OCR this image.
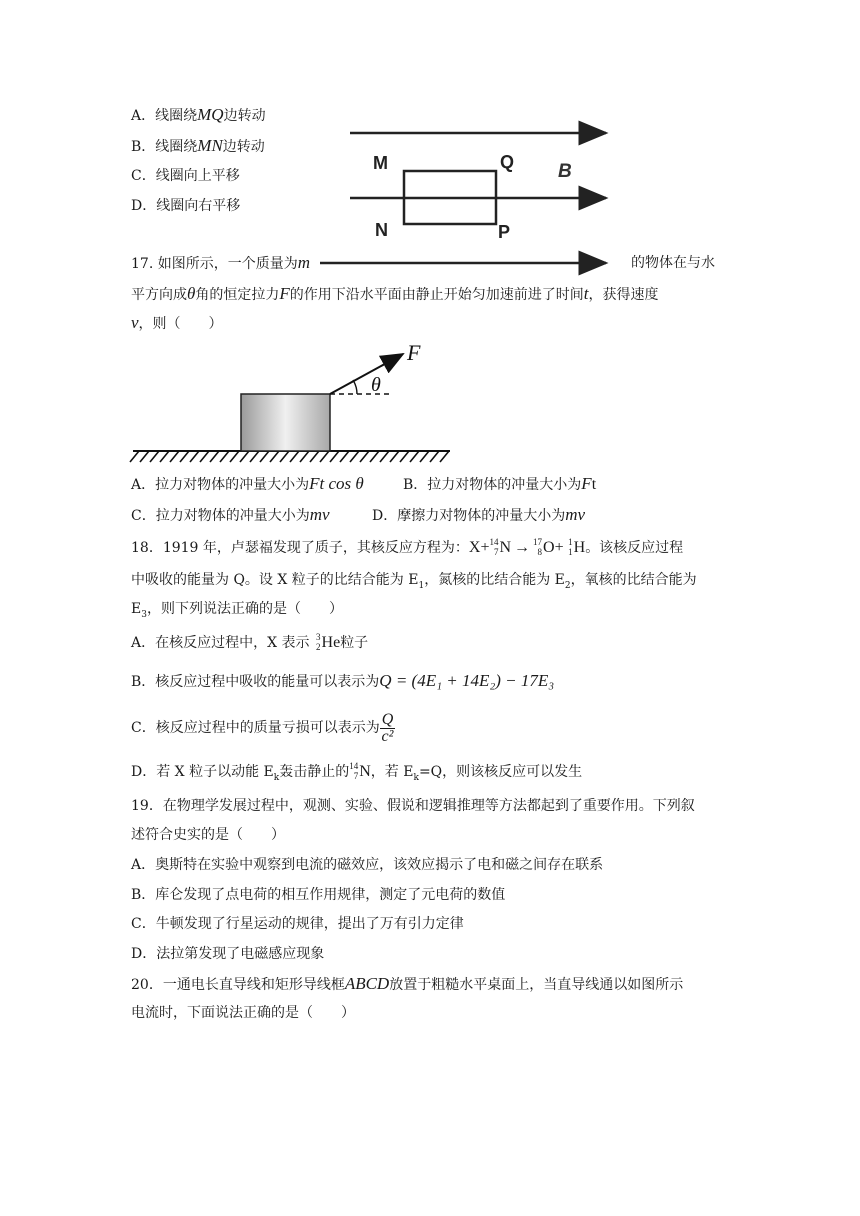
A．线圈绕MQ边转动
B．线圈绕MN边转动
C．线圈向上平移
D．线圈向右平移
M	Q
N	P
B
17. 如图所示，一个质量为m	的物体在与水
平方向成θ角的恒定拉力F的作用下沿水平面由静止开始匀加速前进了时间t，获得速度
v，则（　　）
F
θ
A．拉力对物体的冲量大小为Ft cos θ	B．拉力对物体的冲量大小为Ft
C．拉力对物体的冲量大小为mv	D．摩擦力对物体的冲量大小为mv
18．1919 年，卢瑟福发现了质子，其核反应方程为：X+ 14
7 N → 17
8 O+ 1
1 H。该核反应过程
中吸收的能量为 Q。设 X 粒子的比结合能为 $E_1$，氮核的比结合能为 $E_2$，氧核的比结合能为
$E_3$，则下列说法正确的是（　　）
A．在核反应过程中，X 表示 3
2 He粒子
B．核反应过程中吸收的能量可以表示为Q = (4E₁ + 14E₂) − 17E₃
C．核反应过程中的质量亏损可以表示为 $\frac{Q}{\text{c²}}$
D．若 X 粒子以动能 $E_k$轰击静止的 14
7 N，若 $E_k=Q$，则该核反应可以发生
19．在物理学发展过程中，观测、实验、假说和逻辑推理等方法都起到了重要作用。下列叙
述符合史实的是（　　）
A．奥斯特在实验中观察到电流的磁效应，该效应揭示了电和磁之间存在联系
B．库仑发现了点电荷的相互作用规律，测定了元电荷的数值
C．牛顿发现了行星运动的规律，提出了万有引力定律
D．法拉第发现了电磁感应现象
20．一通电长直导线和矩形导线框ABCD放置于粗糙水平桌面上，当直导线通以如图所示
电流时，下面说法正确的是（　　）
